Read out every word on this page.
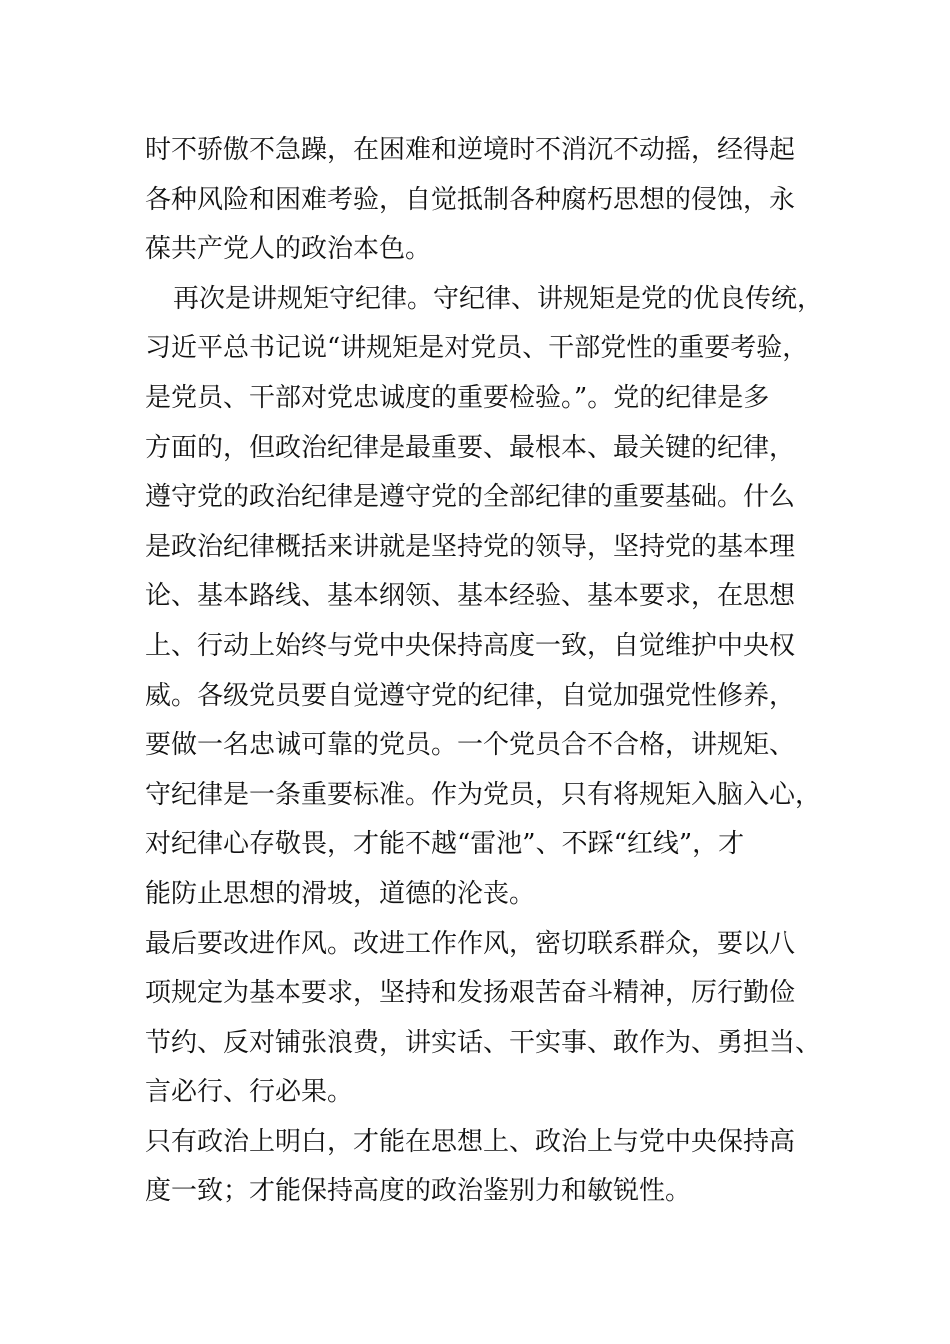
时不骄傲不急躁，在困难和逆境时不消沉不动摇，经得起
各种风险和困难考验，自觉抵制各种腐朽思想的侵蚀，永
葆共产党人的政治本色。
再次是讲规矩守纪律。守纪律、讲规矩是党的优良传统，
习近平总书记说“讲规矩是对党员、干部党性的重要考验，
是党员、干部对党忠诚度的重要检验。”。党的纪律是多
方面的，但政治纪律是最重要、最根本、最关键的纪律，
遵守党的政治纪律是遵守党的全部纪律的重要基础。什么
是政治纪律概括来讲就是坚持党的领导，坚持党的基本理
论、基本路线、基本纲领、基本经验、基本要求，在思想
上、行动上始终与党中央保持高度一致，自觉维护中央权
威。各级党员要自觉遵守党的纪律，自觉加强党性修养，
要做一名忠诚可靠的党员。一个党员合不合格，讲规矩、
守纪律是一条重要标准。作为党员，只有将规矩入脑入心，
对纪律心存敬畏，才能不越“雷池”、不踩“红线”，才
能防止思想的滑坡，道德的沦丧。
最后要改进作风。改进工作作风，密切联系群众，要以八
项规定为基本要求，坚持和发扬艰苦奋斗精神，厉行勤俭
节约、反对铺张浪费，讲实话、干实事、敢作为、勇担当、
言必行、行必果。
只有政治上明白，才能在思想上、政治上与党中央保持高
度一致；才能保持高度的政治鉴别力和敏锐性。
